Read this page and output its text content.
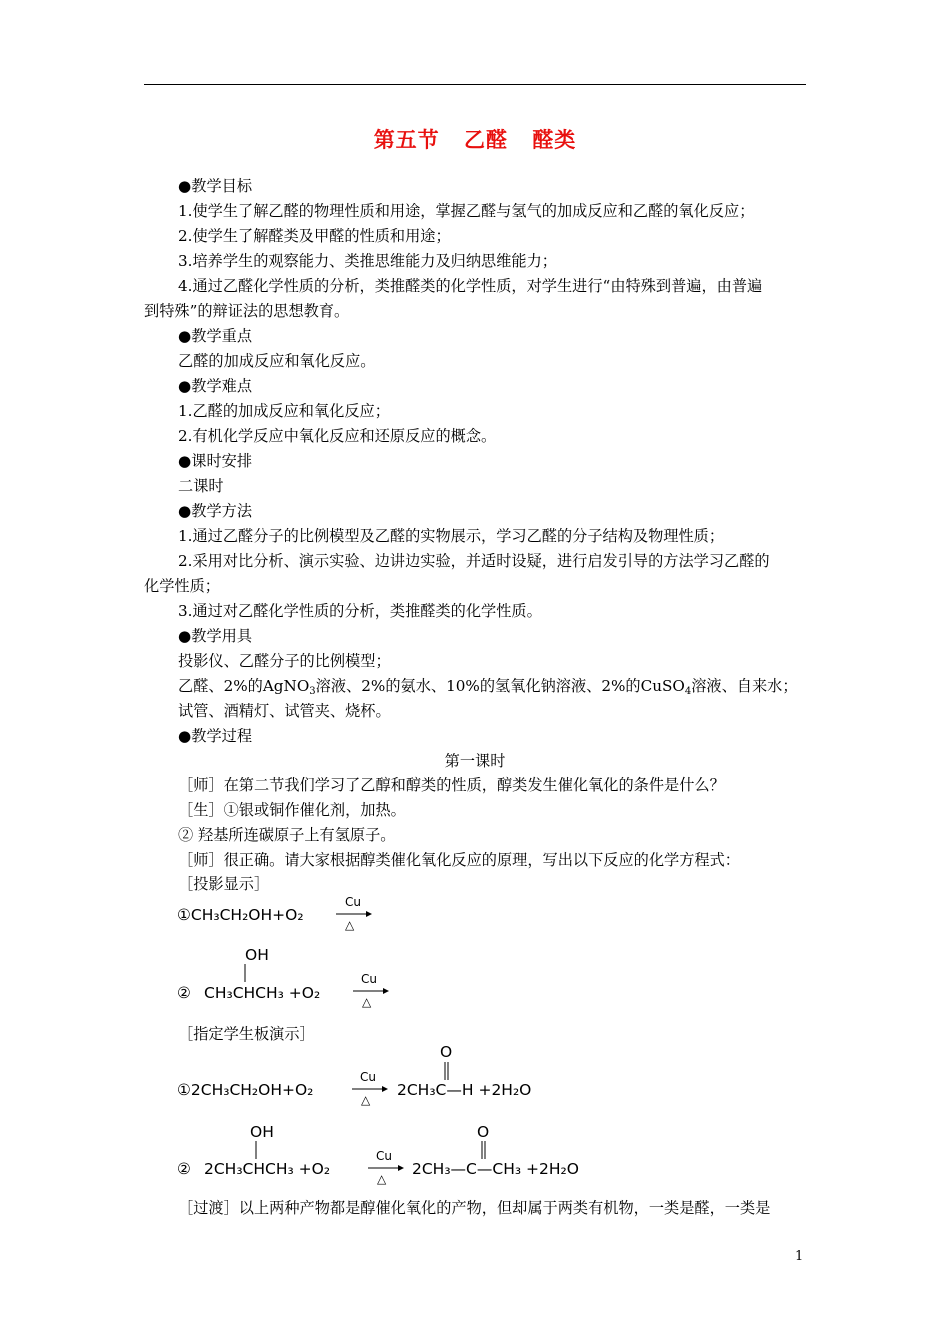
第五节 乙醛 醛类
●教学目标
1.使学生了解乙醛的物理性质和用途，掌握乙醛与氢气的加成反应和乙醛的氧化反应；
2.使学生了解醛类及甲醛的性质和用途；
3.培养学生的观察能力、类推思维能力及归纳思维能力；
4.通过乙醛化学性质的分析，类推醛类的化学性质，对学生进行“由特殊到普遍，由普遍
到特殊”的辩证法的思想教育。
●教学重点
乙醛的加成反应和氧化反应。
●教学难点
1.乙醛的加成反应和氧化反应；
2.有机化学反应中氧化反应和还原反应的概念。
●课时安排
二课时
●教学方法
1.通过乙醛分子的比例模型及乙醛的实物展示，学习乙醛的分子结构及物理性质；
2.采用对比分析、演示实验、边讲边实验，并适时设疑，进行启发引导的方法学习乙醛的
化学性质；
3.通过对乙醛化学性质的分析，类推醛类的化学性质。
●教学用具
投影仪、乙醛分子的比例模型；
乙醛、2%的AgNO$_3$溶液、2%的氨水、10%的氢氧化钠溶液、2%的CuSO$_4$溶液、自来水；
试管、酒精灯、试管夹、烧杯。
●教学过程
第一课时
［师］在第二节我们学习了乙醇和醇类的性质，醇类发生催化氧化的条件是什么？
［生］①银或铜作催化剂，加热。
② 羟基所连碳原子上有氢原子。
［师］很正确。请大家根据醇类催化氧化反应的原理，写出以下反应的化学方程式：
［投影显示］
①CH₃CH₂OH+O₂
Cu
△
OH
② CH₃CHCH₃ +O₂
Cu
△
［指定学生板演示］
O
①2CH₃CH₂OH+O₂
Cu
△
2CH₃C—H +2H₂O
OH	O
② 2CH₃CHCH₃ +O₂
Cu
△
2CH₃—C—CH₃ +2H₂O
［过渡］以上两种产物都是醇催化氧化的产物，但却属于两类有机物，一类是醛，一类是
1
